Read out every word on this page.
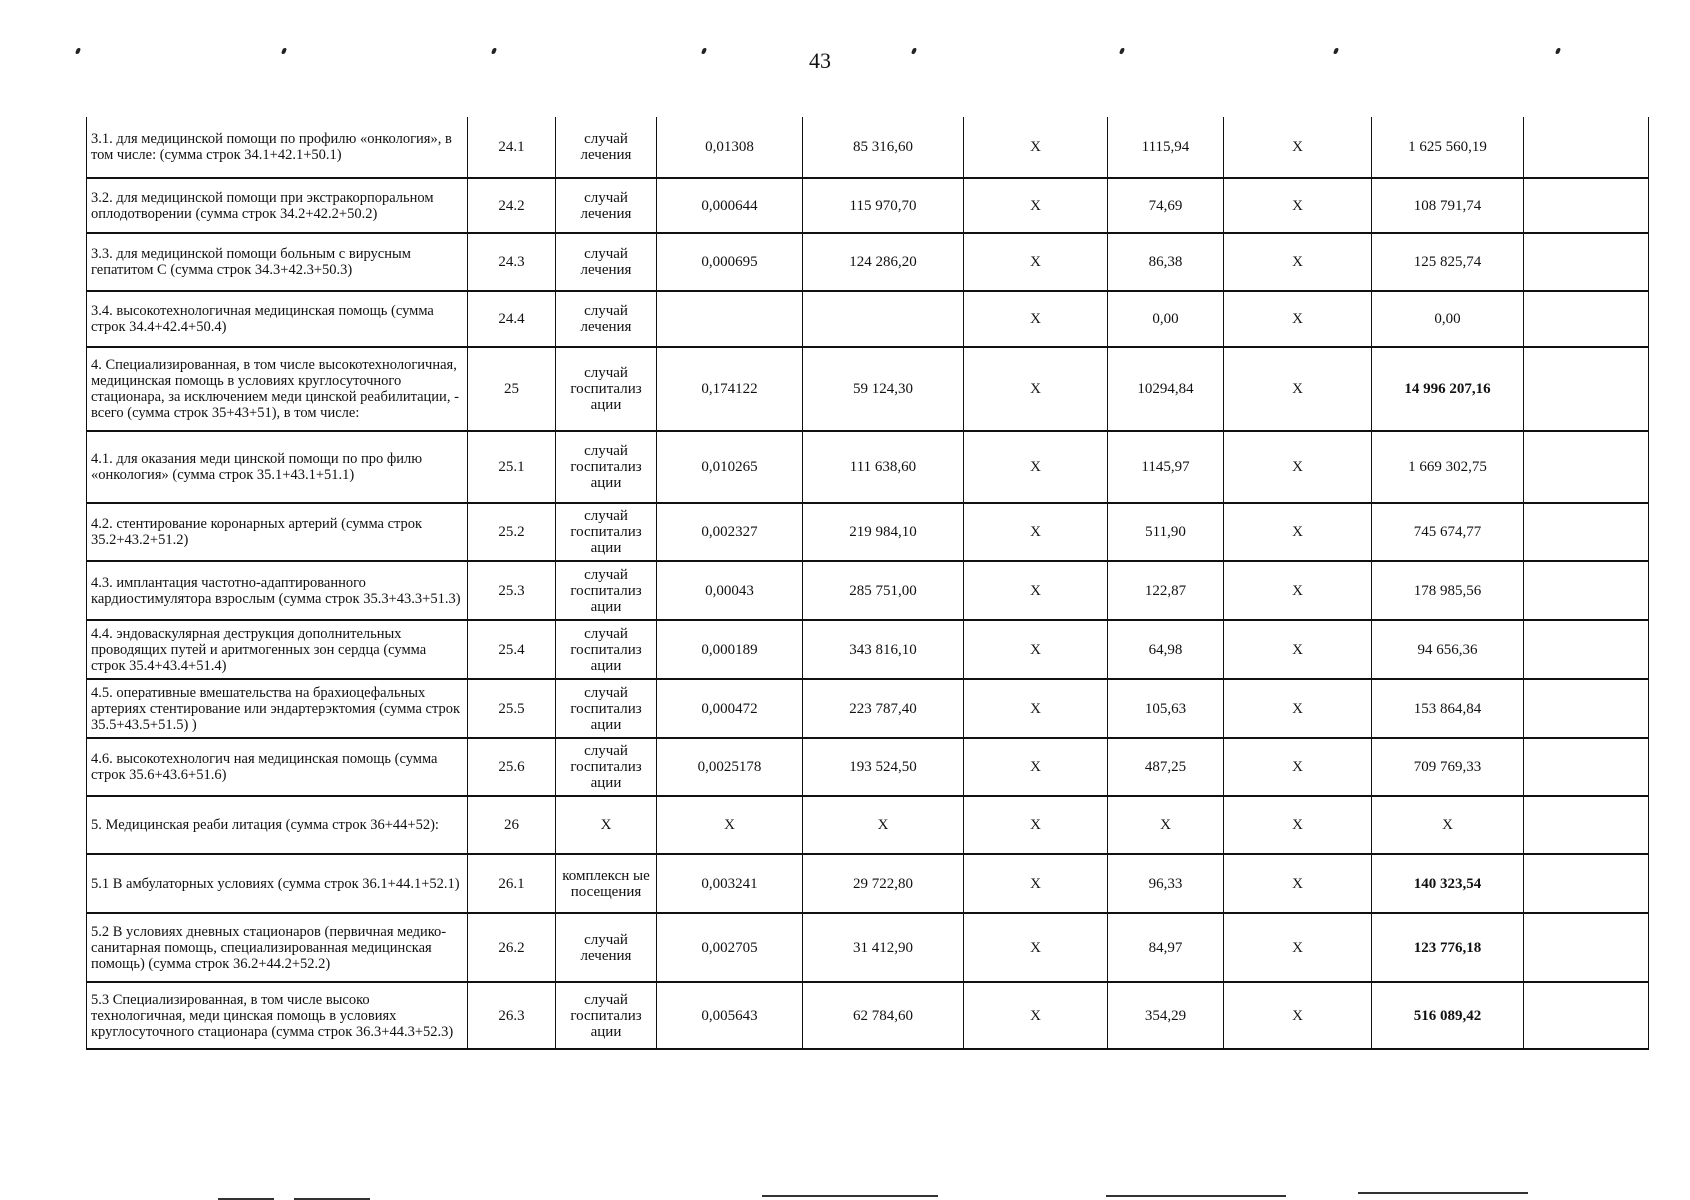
43
3.1. для медицинской помощи по профилю «онкология», в том числе: (сумма строк 34.1+42.1+50.1)	24.1	случай лечения	0,01308	85 316,60	X	1115,94	X	1 625 560,19	
3.2. для медицинской помощи при экстракорпоральном оплодотворении (сумма строк 34.2+42.2+50.2)	24.2	случай лечения	0,000644	115 970,70	X	74,69	X	108 791,74	
3.3. для медицинской помощи больным с вирусным гепатитом С (сумма строк 34.3+42.3+50.3)	24.3	случай лечения	0,000695	124 286,20	X	86,38	X	125 825,74	
3.4. высокотехнологичная медицинская помощь (сумма строк 34.4+42.4+50.4)	24.4	случай лечения			X	0,00	X	0,00	
4. Специализированная, в том числе высокотехнологичная, медицинская помощь в условиях круглосуточного стационара, за исключением меди цинской реабилитации, - всего (сумма строк 35+43+51), в том числе:	25	случай госпитализ ации	0,174122	59 124,30	X	10294,84	X	14 996 207,16	
4.1. для оказания меди цинской помощи по про филю «онкология» (сумма строк 35.1+43.1+51.1)	25.1	случай госпитализ ации	0,010265	111 638,60	X	1145,97	X	1 669 302,75	
4.2. стентирование коронарных артерий (сумма строк 35.2+43.2+51.2)	25.2	случай госпитализ ации	0,002327	219 984,10	X	511,90	X	745 674,77	
4.3. имплантация частотно-адаптированного кардиостимулятора взрослым (сумма строк 35.3+43.3+51.3)	25.3	случай госпитализ ации	0,00043	285 751,00	X	122,87	X	178 985,56	
4.4. эндоваскулярная деструкция дополнительных проводящих путей и аритмогенных зон сердца (сумма строк 35.4+43.4+51.4)	25.4	случай госпитализ ации	0,000189	343 816,10	X	64,98	X	94 656,36	
4.5. оперативные вмешательства на брахиоцефальных артериях стентирование или эндартерэктомия (сумма строк 35.5+43.5+51.5) )	25.5	случай госпитализ ации	0,000472	223 787,40	X	105,63	X	153 864,84	
4.6. высокотехнологич ная медицинская помощь (сумма строк 35.6+43.6+51.6)	25.6	случай госпитализ ации	0,0025178	193 524,50	X	487,25	X	709 769,33	
5. Медицинская реаби литация (сумма строк 36+44+52):	26	X	X	X	X	X	X	X	
5.1 В амбулаторных условиях (сумма строк 36.1+44.1+52.1)	26.1	комплексн ые посещения	0,003241	29 722,80	X	96,33	X	140 323,54	
5.2 В условиях дневных стационаров (первичная медико-санитарная помощь, специализированная медицинская помощь) (сумма строк 36.2+44.2+52.2)	26.2	случай лечения	0,002705	31 412,90	X	84,97	X	123 776,18	
5.3 Специализированная, в том числе высоко технологичная, меди цинская помощь в условиях круглосуточного стационара (сумма строк 36.3+44.3+52.3)	26.3	случай госпитализ ации	0,005643	62 784,60	X	354,29	X	516 089,42	
